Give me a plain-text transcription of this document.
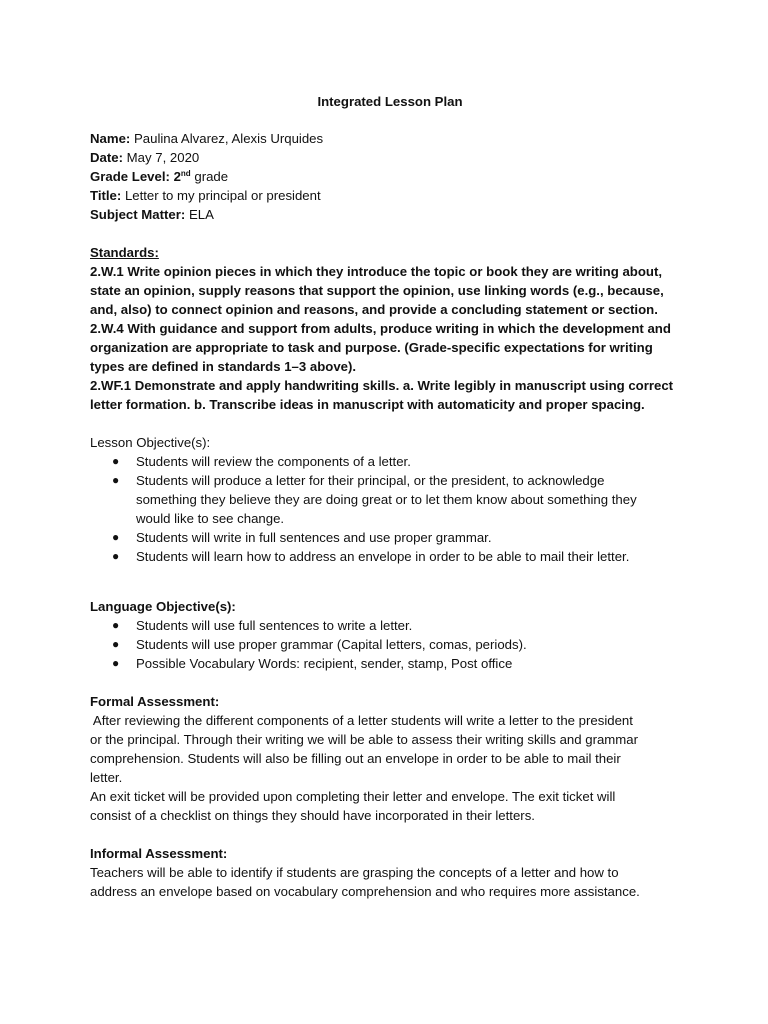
Integrated Lesson Plan
Name: Paulina Alvarez, Alexis Urquides
Date: May 7, 2020
Grade Level: 2nd grade
Title: Letter to my principal or president
Subject Matter: ELA
Standards:
2.W.1 Write opinion pieces in which they introduce the topic or book they are writing about,
state an opinion, supply reasons that support the opinion, use linking words (e.g., because,
and, also) to connect opinion and reasons, and provide a concluding statement or section.
2.W.4 With guidance and support from adults, produce writing in which the development and
organization are appropriate to task and purpose. (Grade-specific expectations for writing
types are defined in standards 1–3 above).
2.WF.1 Demonstrate and apply handwriting skills. a. Write legibly in manuscript using correct
letter formation. b. Transcribe ideas in manuscript with automaticity and proper spacing.
Lesson Objective(s):
● Students will review the components of a letter.
● Students will produce a letter for their principal, or the president, to acknowledge
something they believe they are doing great or to let them know about something they
would like to see change.
● Students will write in full sentences and use proper grammar.
● Students will learn how to address an envelope in order to be able to mail their letter.
Language Objective(s):
● Students will use full sentences to write a letter.
● Students will use proper grammar (Capital letters, comas, periods).
● Possible Vocabulary Words: recipient, sender, stamp, Post office
Formal Assessment:
After reviewing the different components of a letter students will write a letter to the president
or the principal. Through their writing we will be able to assess their writing skills and grammar
comprehension. Students will also be filling out an envelope in order to be able to mail their
letter.
An exit ticket will be provided upon completing their letter and envelope. The exit ticket will
consist of a checklist on things they should have incorporated in their letters.
Informal Assessment:
Teachers will be able to identify if students are grasping the concepts of a letter and how to
address an envelope based on vocabulary comprehension and who requires more assistance.
